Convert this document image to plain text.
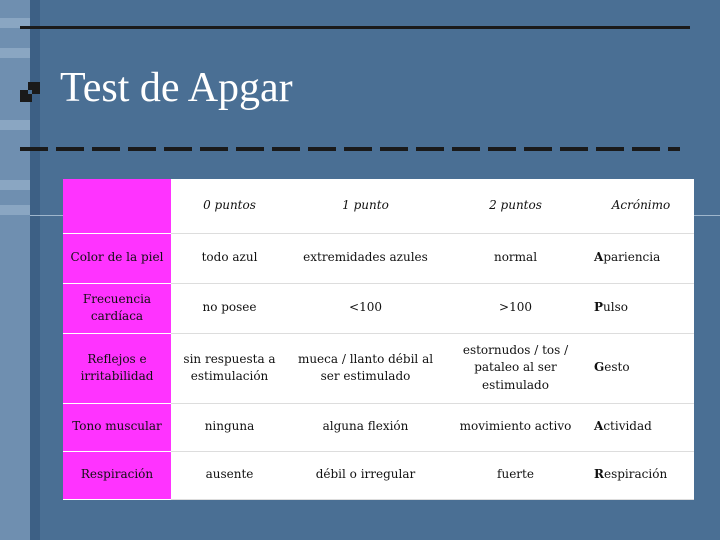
Test de Apgar
	0 puntos	1 punto	2 puntos	Acrónimo
Color de la piel	todo azul	extremidades azules	normal	Apariencia
Frecuencia cardíaca	no posee	<100	>100	Pulso
Reflejos e irritabilidad	sin respuesta a estimulación	mueca / llanto débil al ser estimulado	estornudos / tos / pataleo al ser estimulado	Gesto
Tono muscular	ninguna	alguna flexión	movimiento activo	Actividad
Respiración	ausente	débil o irregular	fuerte	Respiración
